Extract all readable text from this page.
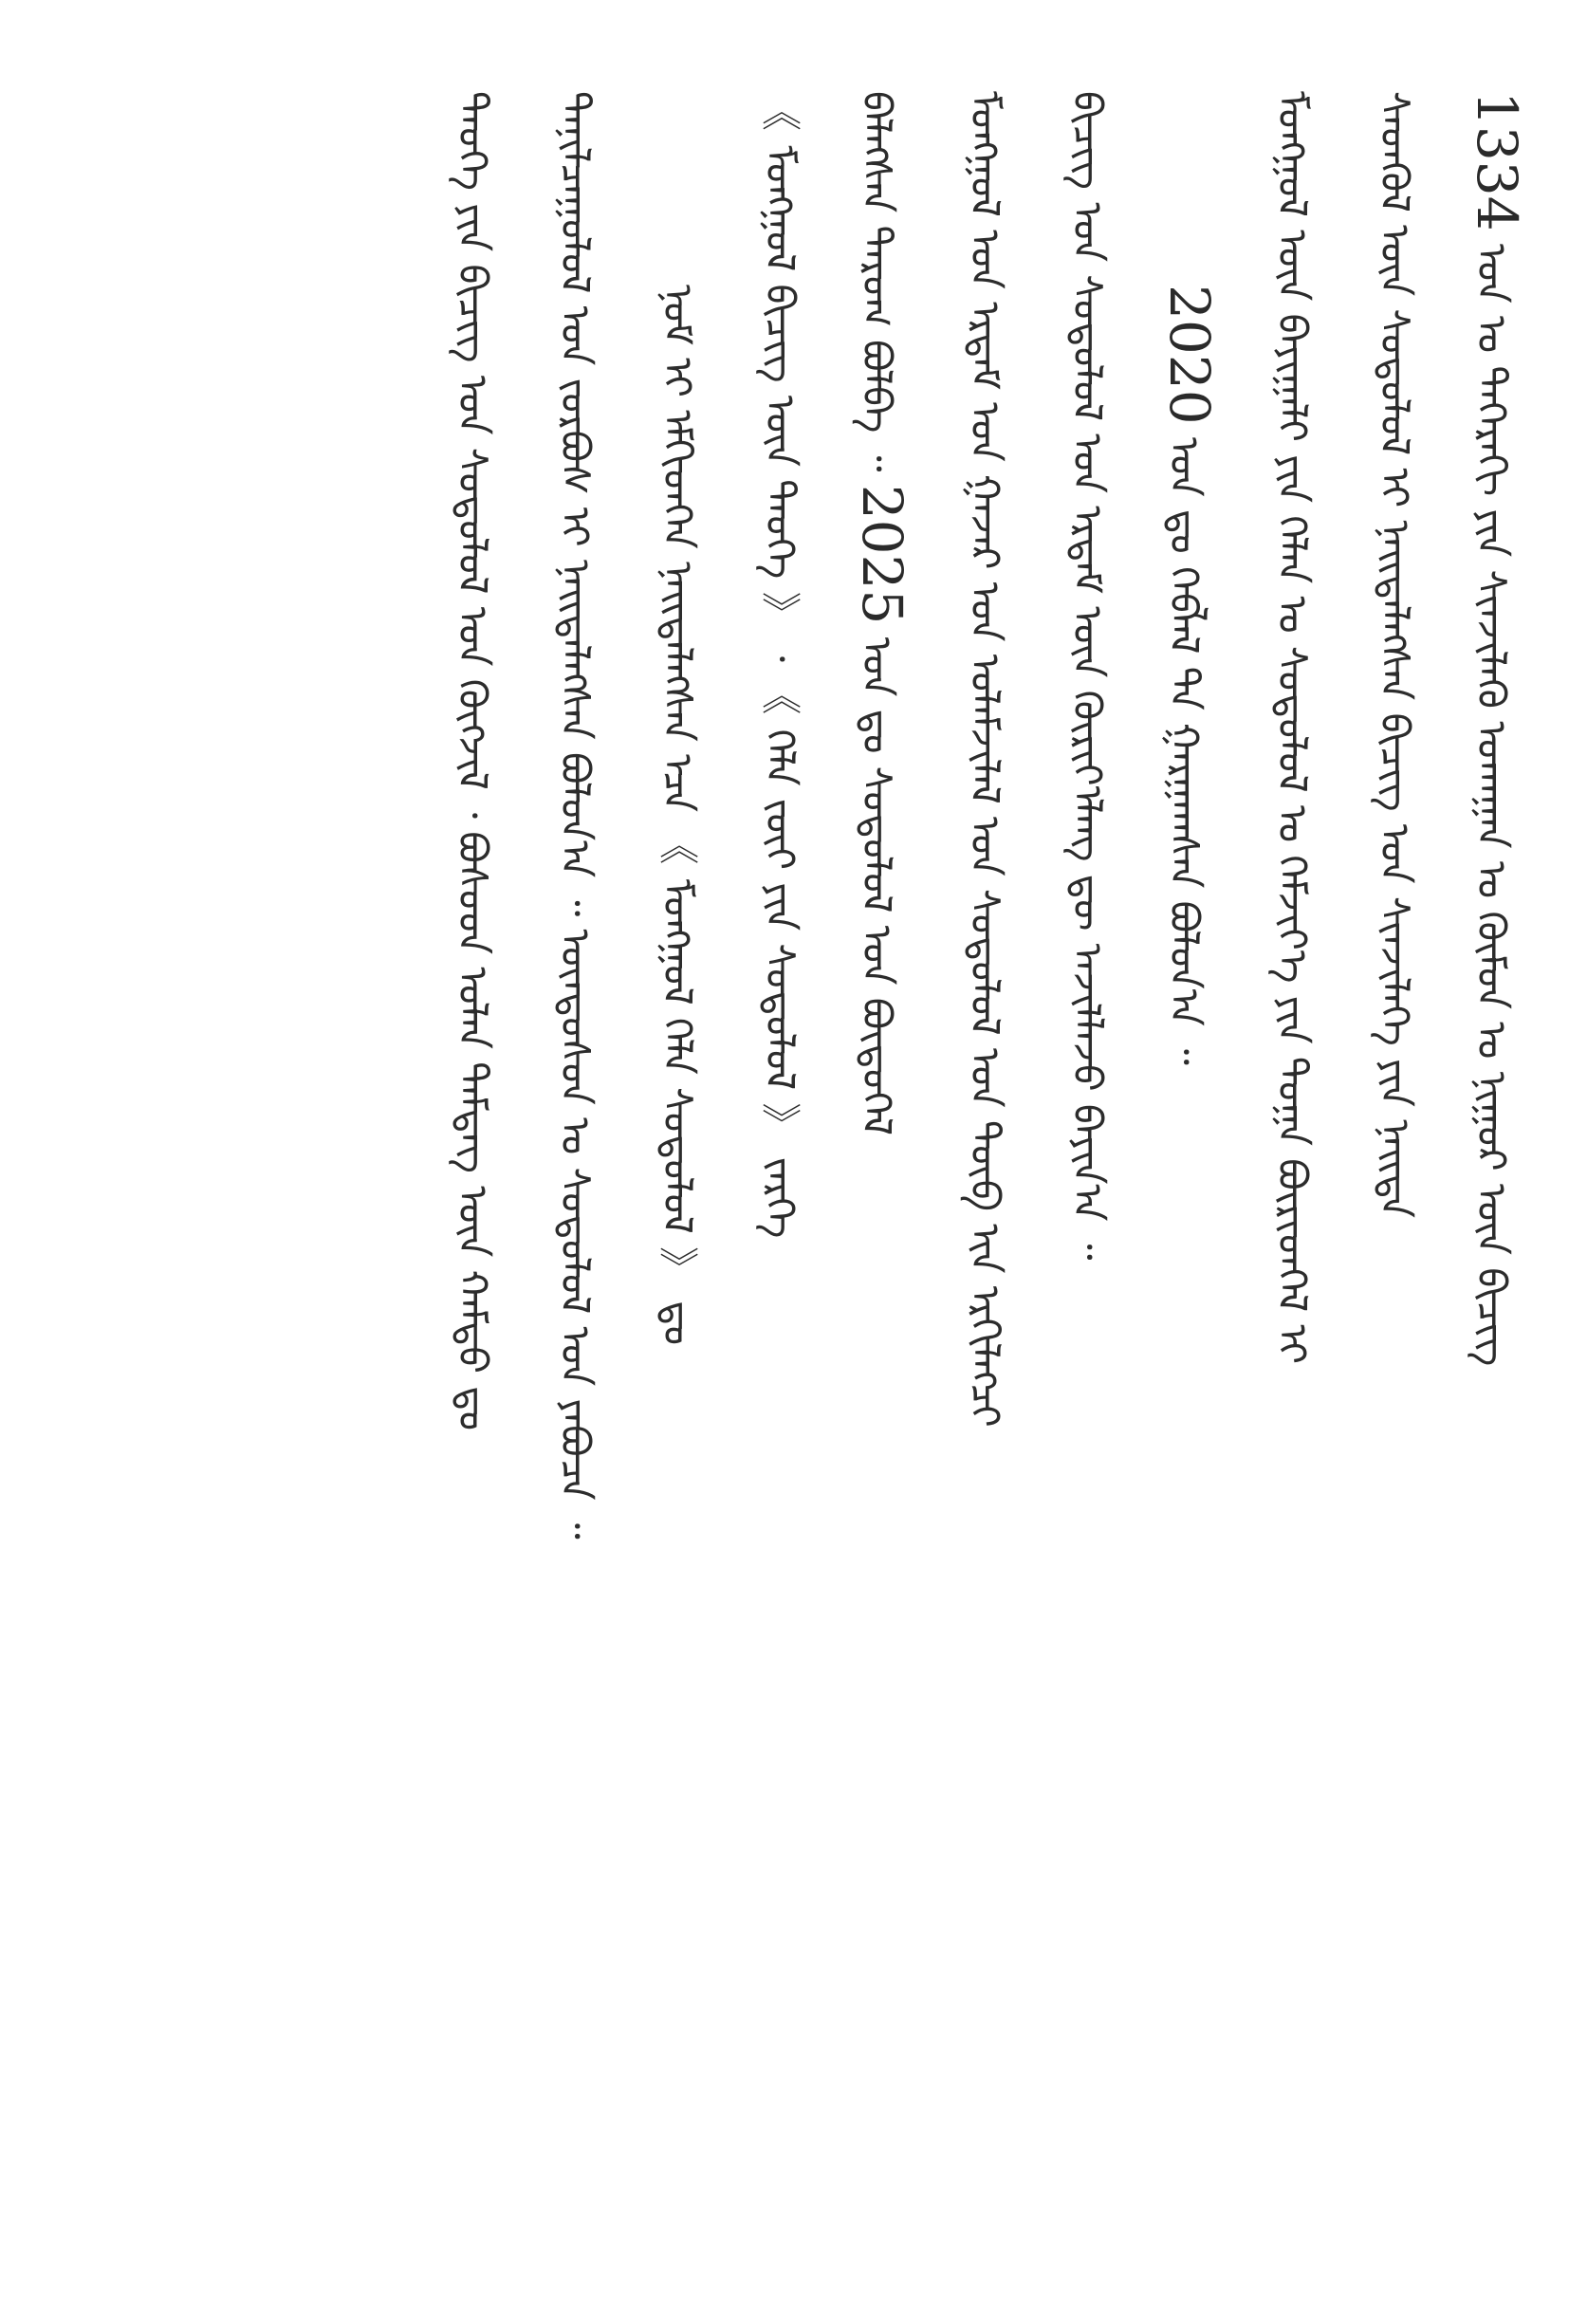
1334 ᠤᠨ ᠤ ᠳᠡᠭᠡᠷᠡᠬᠢ ᠶᠢᠨ ᠰᠢᠨᠵᠢᠯᠡᠬᠦ ᠤᠬᠠᠭᠠᠨ ᠤ ᠬᠦᠮᠦᠨ ᠤ ᠨᠢᠭᠤᠷ ᠦᠨ ᠪᠢᠴᠢᠭ
ᠰᠡᠳᠬᠦᠯ ᠦᠨ ᠰᠤᠳᠤᠯᠤᠯ ᠢ ᠨᠡᠢᠳᠡᠯᠡᠭᠰᠡᠨ ᠪᠢᠴᠢᠭ ᠤᠨ ᠰᠢᠨᠵᠢᠯᠡᠭᠡ ᠶᠢᠨ ᠨᠡᠢᠲᠡ
ᠮᠣᠩᠭᠣᠯ ᠦᠨ ᠪᠠᠶᠢᠭᠠᠯᠢ ᠶᠢᠨ ᠬᠡᠯᠡᠨ ᠤ ᠰᠤᠳᠤᠯᠤᠯ ᠤ ᠬᠡᠮᠵᠢᠶ᠎ᠡ ᠶᠢᠨ ᠲᠣᠭᠠ ᠪᠦᠷᠢᠳᠭᠡᠯ ᠢ
2020 ᠣᠨ ᠳᠤ ᠬᠡᠪᠯᠡᠯ ᠲᠡ ᠭᠠᠷᠭᠠᠭᠰᠠᠨ ᠪᠣᠯᠤᠨ᠎ᠠ ᠃
ᠪᠢᠴᠢᠭ ᠤᠨ ᠰᠤᠳᠤᠯᠤᠯ ᠤᠨ ᠡᠷᠳᠡᠮ ᠦᠨ ᠬᠦᠷᠢᠶ᠎ᠡᠯᠡᠩ ᠳᠦ ᠠᠵᠢᠯᠯᠠᠵᠤ ᠪᠠᠶᠢᠨ᠎ᠠ ᠃
ᠮᠣᠩᠭᠣᠯ ᠤᠨ ᠡᠷᠳᠡᠮ ᠤᠨ ᠭᠠᠵᠠᠷ ᠤᠨ ᠤᠯᠠᠮᠵᠢᠯᠠᠯ ᠤᠨ ᠰᠤᠳᠤᠯᠤᠯ ᠤᠨ ᠲᠥᠪ ᠢᠨ ᠡᠷᠬᠢᠯᠡᠭᠴᠢ
ᠪᠡᠯᠡᠭᠰᠡᠨ ᠲᠠᠷᠤᠭ ᠪᠣᠯᠪᠠ ᠃ 2025 ᠣᠨ ᠳᠤ ᠰᠤᠳᠤᠯᠤᠯ ᠤᠨ ᠪᠦᠲᠦᠭᠡᠯ
《 ᠮᠣᠩᠭᠣᠯ ᠪᠢᠴᠢᠭ ᠦᠨ ᠲᠡᠦᠬᠡ 》 ᠂ 《 ᠬᠡᠯᠡ ᠵᠦᠢ ᠶᠢᠨ ᠰᠤᠳᠤᠯᠤᠯ 》 ᠵᠡᠷᠭᠡ
ᠨᠣᠮ ᠢ ᠡᠮᠬᠢᠳᠭᠡᠨ ᠨᠡᠢᠲᠡᠯᠡᠭᠰᠡᠨ ᠡᠴᠡ 《 ᠮᠣᠩᠭᠣᠯ ᠬᠡᠯᠡ ᠰᠤᠳᠤᠯᠤᠯ 》 ᠳᠤ
ᠲᠠᠨᠢᠯᠴᠠᠭᠤᠯᠤᠯ ᠤᠨ ᠵᠤᠷᠪᠤᠰ ᠢ ᠨᠡᠢᠳᠡᠯᠡᠭᠰᠡᠨ ᠪᠣᠯᠤᠨ᠎ᠠ ᠃ ᠦᠨᠳᠦᠰᠦᠨ ᠤ ᠰᠤᠳᠤᠯᠤᠯ ᠤᠨ ᠶᠠᠪᠤᠴᠠ ᠃
ᠲᠡᠦᠬᠡ ᠶᠢᠨ ᠪᠢᠴᠢᠭ ᠤᠨ ᠰᠤᠳᠤᠯᠤᠯ ᠤᠨ ᠬᠥᠭᠵᠢᠯ ᠂ ᠪᠤᠰᠤᠳ ᠣᠯᠠᠨ ᠲᠡᠮᠳᠡᠭ ᠦᠨ ᠬᠠᠮᠲᠤ ᠳᠤ
